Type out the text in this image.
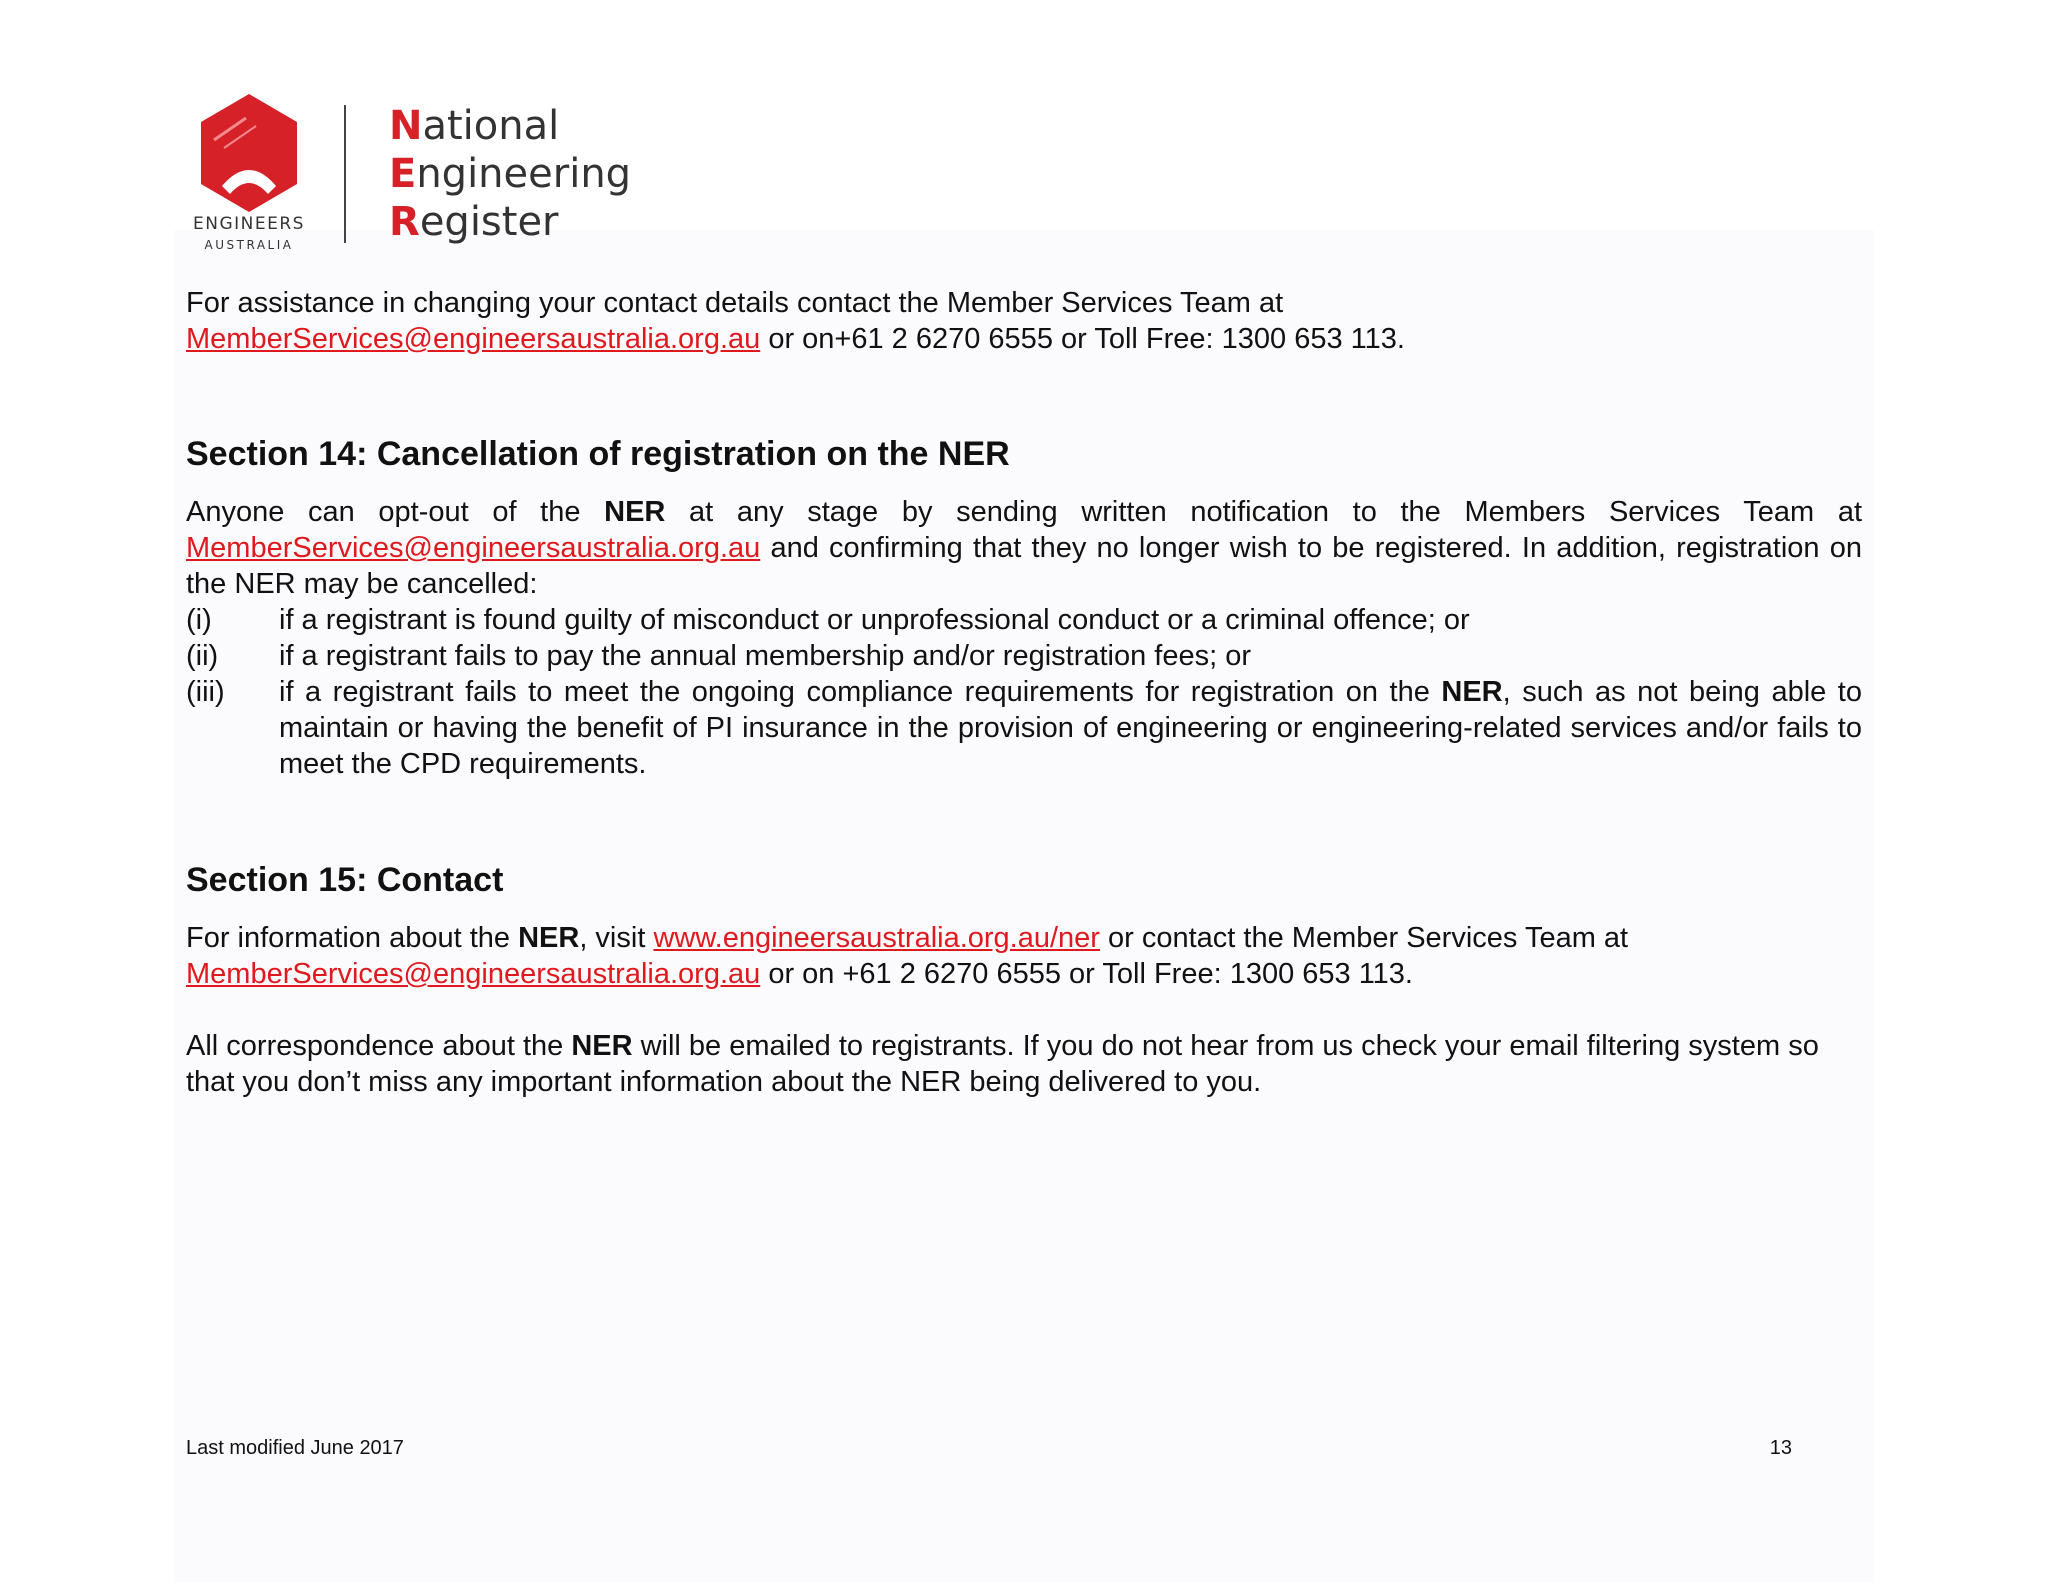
ENGINEERS
AUSTRALIA
National
Engineering
Register

For assistance in changing your contact details contact the Member Services Team at
MemberServices@engineersaustralia.org.au or on+61 2 6270 6555 or Toll Free: 1300 653 113.

Section 14: Cancellation of registration on the NER

Anyone can opt-out of the NER at any stage by sending written notification to the Members Services Team at MemberServices@engineersaustralia.org.au and confirming that they no longer wish to be registered. In addition, registration on the NER may be cancelled:

(i)	if a registrant is found guilty of misconduct or unprofessional conduct or a criminal offence; or
(ii)	if a registrant fails to pay the annual membership and/or registration fees; or
(iii)	if a registrant fails to meet the ongoing compliance requirements for registration on the NER, such as not being able to maintain or having the benefit of PI insurance in the provision of engineering or engineering-related services and/or fails to meet the CPD requirements.
Section 15: Contact

For information about the NER, visit www.engineersaustralia.org.au/ner or contact the Member Services Team at
MemberServices@engineersaustralia.org.au or on +61 2 6270 6555 or Toll Free: 1300 653 113.

All correspondence about the NER will be emailed to registrants. If you do not hear from us check your email filtering system so that you don’t miss any important information about the NER being delivered to you.

Last modified June 2017	13
